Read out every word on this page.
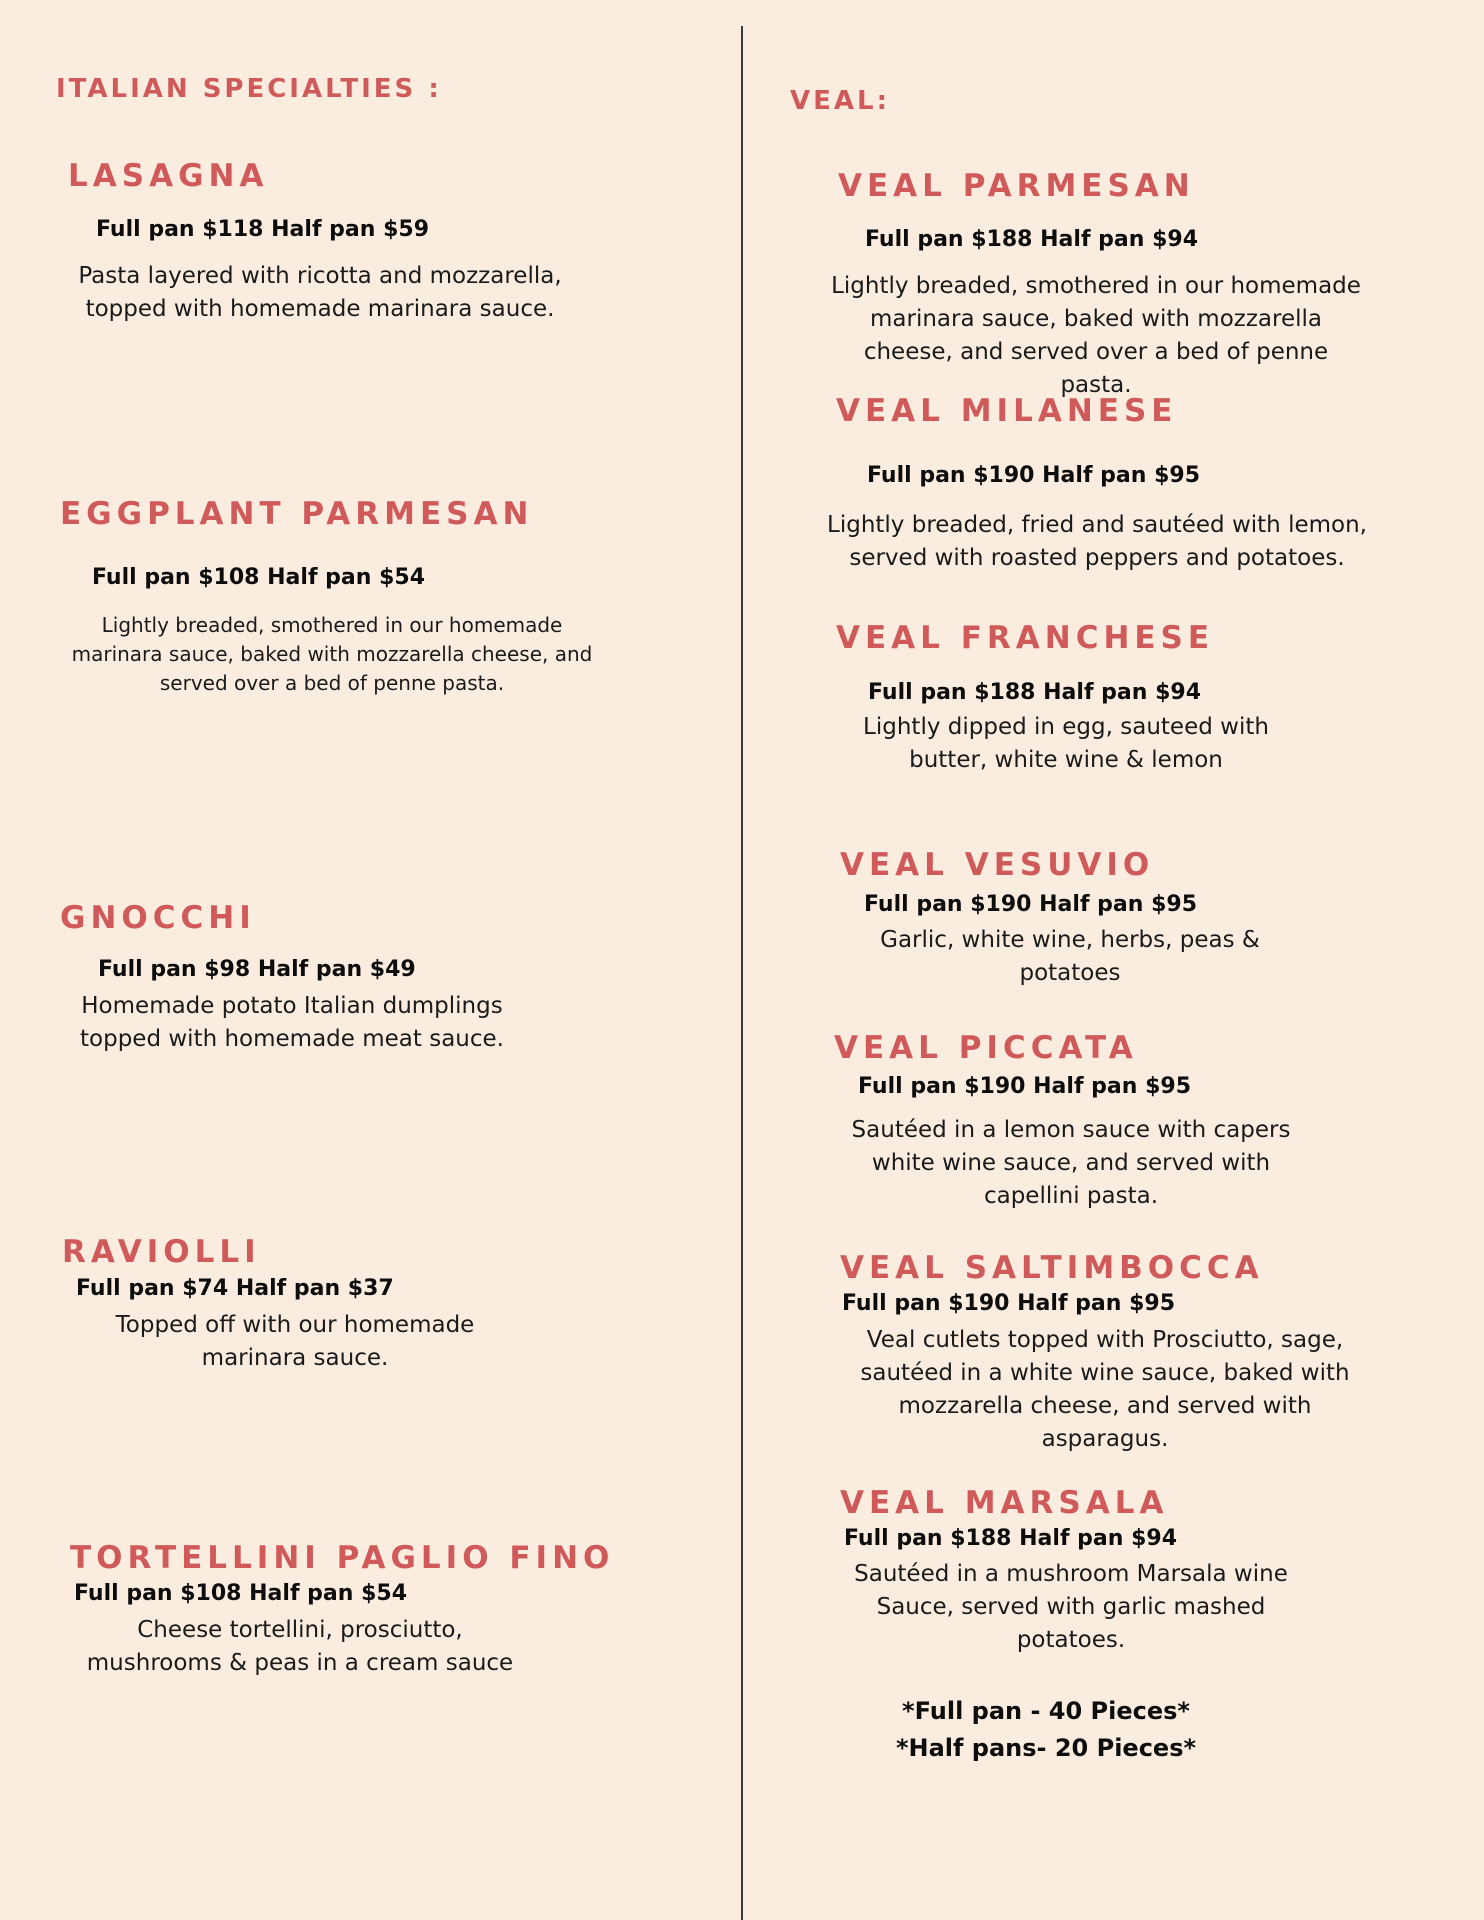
ITALIAN SPECIALTIES :
LASAGNA

Full pan $118 Half pan $59

Pasta layered with ricotta and mozzarella, topped with homemade marinara sauce.

EGGPLANT PARMESAN

Full pan $108 Half pan $54

Lightly breaded, smothered in our homemade marinara sauce, baked with mozzarella cheese, and served over a bed of penne pasta.

GNOCCHI

Full pan $98 Half pan $49

Homemade potato Italian dumplings topped with homemade meat sauce.

RAVIOLLI

Full pan $74 Half pan $37

Topped off with our homemade marinara sauce.

TORTELLINI PAGLIO FINO

Full pan $108 Half pan $54

Cheese tortellini, prosciutto, mushrooms & peas in a cream sauce

VEAL:
VEAL PARMESAN

Full pan $188 Half pan $94

Lightly breaded, smothered in our homemade marinara sauce, baked with mozzarella cheese, and served over a bed of penne pasta.

VEAL MILANESE

Full pan $190 Half pan $95

Lightly breaded, fried and sautéed with lemon, served with roasted peppers and potatoes.

VEAL FRANCHESE

Full pan $188 Half pan $94

Lightly dipped in egg, sauteed with butter, white wine & lemon

VEAL VESUVIO

Full pan $190 Half pan $95

Garlic, white wine, herbs, peas & potatoes

VEAL PICCATA

Full pan $190 Half pan $95

Sautéed in a lemon sauce with capers white wine sauce, and served with capellini pasta.

VEAL SALTIMBOCCA

Full pan $190 Half pan $95

Veal cutlets topped with Prosciutto, sage, sautéed in a white wine sauce, baked with mozzarella cheese, and served with asparagus.

VEAL MARSALA

Full pan $188 Half pan $94

Sautéed in a mushroom Marsala wine Sauce, served with garlic mashed potatoes.

*Full pan - 40 Pieces*

*Half pans- 20 Pieces*
